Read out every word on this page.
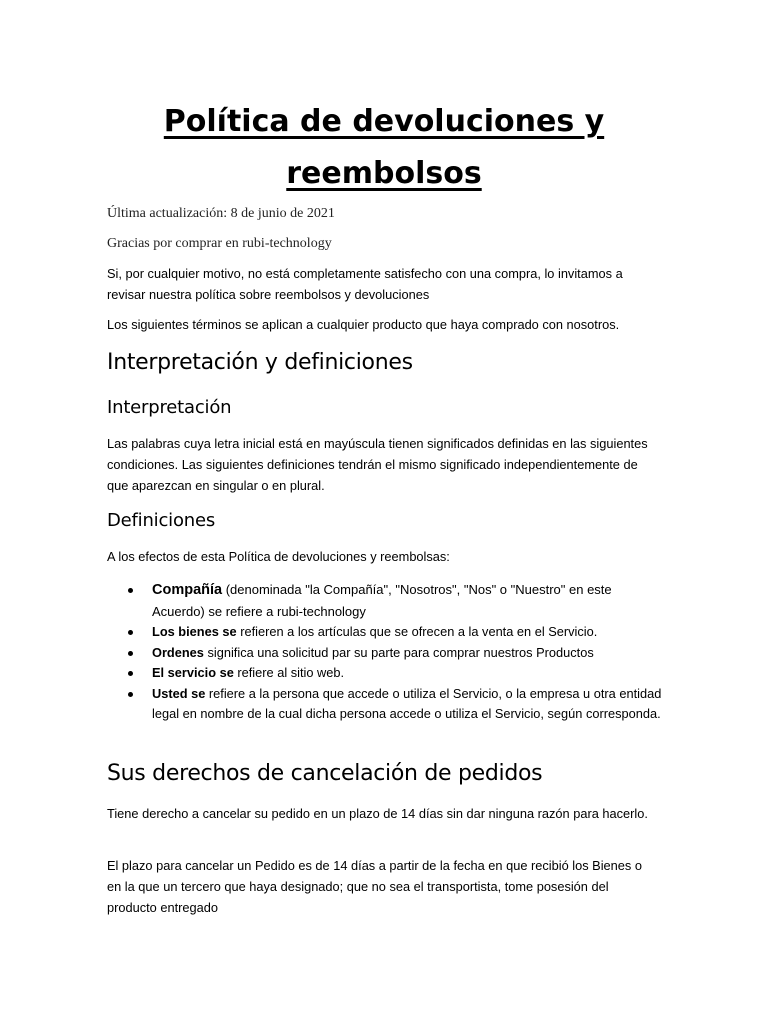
Política de devoluciones y reembolsos

Última actualización: 8 de junio de 2021

Gracias por comprar en rubi-technology

Si, por cualquier motivo, no está completamente satisfecho con una compra, lo invitamos a revisar nuestra política sobre reembolsos y devoluciones

Los siguientes términos se aplican a cualquier producto que haya comprado con nosotros.

Interpretación y definiciones
Interpretación

Las palabras cuya letra inicial está en mayúscula tienen significados definidas en las siguientes condiciones. Las siguientes definiciones tendrán el mismo significado independientemente de que aparezcan en singular o en plural.

Definiciones

A los efectos de esta Política de devoluciones y reembolsas:

Compañía (denominada "la Compañía", "Nosotros", "Nos" o "Nuestro" en este Acuerdo) se refiere a rubi-technology
Los bienes se refieren a los artículas que se ofrecen a la venta en el Servicio.
Ordenes significa una solicitud par su parte para comprar nuestros Productos
El servicio se refiere al sitio web.
Usted se refiere a la persona que accede o utiliza el Servicio, o la empresa u otra entidad legal en nombre de la cual dicha persona accede o utiliza el Servicio, según corresponda.
Sus derechos de cancelación de pedidos

Tiene derecho a cancelar su pedido en un plazo de 14 días sin dar ninguna razón para hacerlo.

El plazo para cancelar un Pedido es de 14 días a partir de la fecha en que recibió los Bienes o en la que un tercero que haya designado; que no sea el transportista, tome posesión del producto entregado
